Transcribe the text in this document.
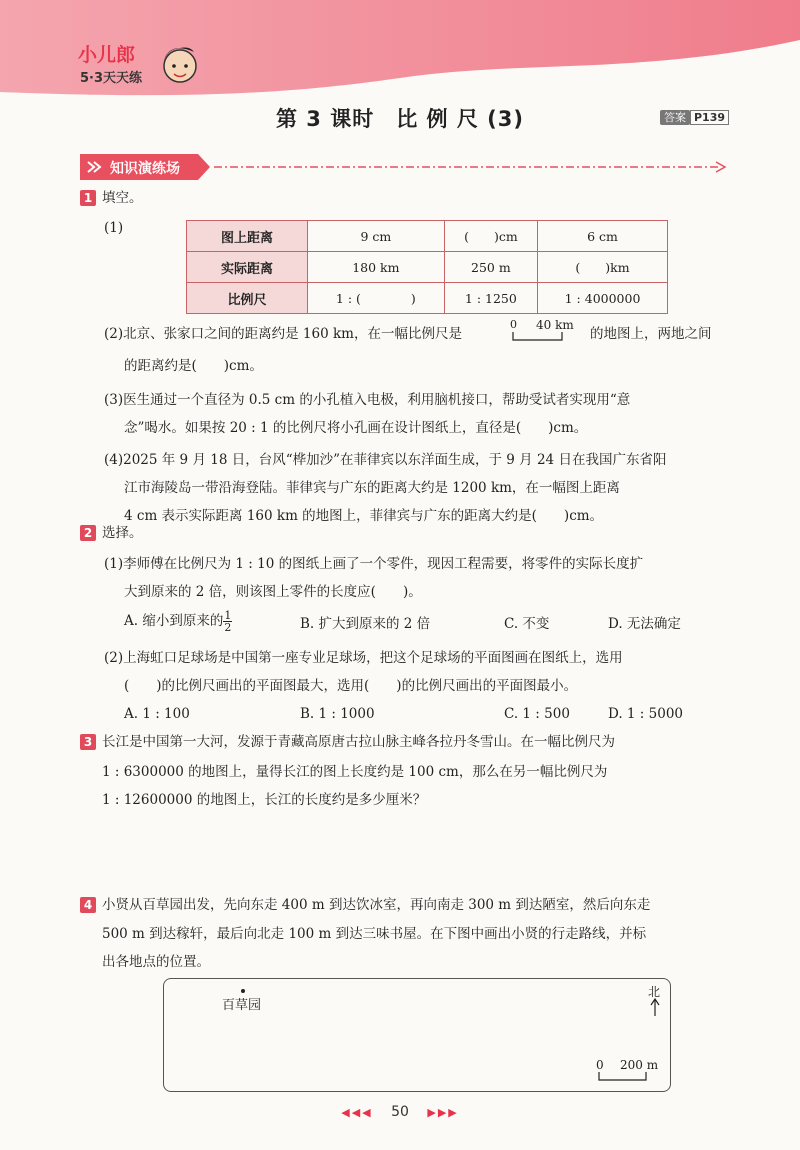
小儿郎
5·3天天练
第 3 课时　比 例 尺 (3)	答案 P139
知识演练场
1 填空。
(1)
图上距离	9 cm	(　　)cm	6 cm
实际距离	180 km	250 m	(　　)km
比例尺	1 : (　　　　)	1 : 1250	1 : 4000000
(2)北京、张家口之间的距离约是 160 km，在一幅比例尺是
0 40 km
的地图上，两地之间
的距离约是(　　)cm。
(3)医生通过一个直径为 0.5 cm 的小孔植入电极，利用脑机接口，帮助受试者实现用“意
念”喝水。如果按 20 : 1 的比例尺将小孔画在设计图纸上，直径是(　　)cm。
(4)2025 年 9 月 18 日，台风“桦加沙”在菲律宾以东洋面生成，于 9 月 24 日在我国广东省阳
江市海陵岛一带沿海登陆。菲律宾与广东的距离大约是 1200 km，在一幅图上距离
4 cm 表示实际距离 160 km 的地图上，菲律宾与广东的距离大约是(　　)cm。
2 选择。
(1)李师傅在比例尺为 1 : 10 的图纸上画了一个零件，现因工程需要，将零件的实际长度扩
大到原来的 2 倍，则该图上零件的长度应(　　)。
A. 缩小到原来的 $\frac{1}{2}$	B. 扩大到原来的 2 倍	C. 不变	D. 无法确定
(2)上海虹口足球场是中国第一座专业足球场，把这个足球场的平面图画在图纸上，选用
(　　)的比例尺画出的平面图最大，选用(　　)的比例尺画出的平面图最小。
A. 1 : 100	B. 1 : 1000	C. 1 : 500	D. 1 : 5000
3 长江是中国第一大河，发源于青藏高原唐古拉山脉主峰各拉丹冬雪山。在一幅比例尺为
1 : 6300000 的地图上，量得长江的图上长度约是 100 cm，那么在另一幅比例尺为
1 : 12600000 的地图上，长江的长度约是多少厘米？
4 小贤从百草园出发，先向东走 400 m 到达饮冰室，再向南走 300 m 到达陋室，然后向东走
500 m 到达稼轩，最后向北走 100 m 到达三味书屋。在下图中画出小贤的行走路线，并标
出各地点的位置。
百草园
北
0 200 m
◀◀◀ 50 ▶▶▶
